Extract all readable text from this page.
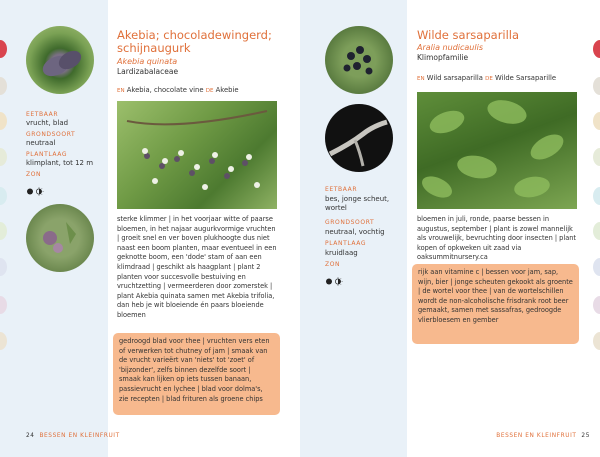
EETBAAR
vrucht, blad
GRONDSOORT
neutraal
PLANTLAAG
klimplant, tot 12 m
ZON
Akebia; chocoladewingerd; schijnaugurk
Akebia quinata
Lardizabalaceae
EN Akebia, chocolate vine DE Akebie
sterke klimmer | in het voorjaar witte of paarse bloemen, in het najaar augurkvormige vruchten | groeit snel en ver boven plukhoogte dus niet naast een boom planten, maar eventueel in een geknotte boom, een 'dode' stam of aan een klimdraad | geschikt als haagplant | plant 2 planten voor succesvolle bestuiving en vruchtzetting | vermeerderen door zomerstek | plant Akebia quinata samen met Akebia trifolia, dan heb je wit bloeiende én paars bloeiende bloemen
gedroogd blad voor thee | vruchten vers eten of verwerken tot chutney of jam | smaak van de vrucht varieërt van 'niets' tot 'zoet' of 'bijzonder', zelfs binnen dezelfde soort | smaak kan lijken op iets tussen banaan, passievrucht en lychee | blad voor dolma's, zie recepten | blad frituren als groene chips
24 BESSEN EN KLEINFRUIT
EETBAAR
bes, jonge scheut, wortel
GRONDSOORT
neutraal, vochtig
PLANTLAAG
kruidlaag
ZON
Wilde sarsaparilla
Aralia nudicaulis
Klimopfamilie
EN Wild sarsaparilla DE Wilde Sarsaparille
bloemen in juli, ronde, paarse bessen in augustus, september | plant is zowel mannelijk als vrouwelijk, bevruchting door insecten | plant kopen of opkweken uit zaad via oaksummitnursery.ca
rijk aan vitamine c | bessen voor jam, sap, wijn, bier | jonge scheuten gekookt als groente | de wortel voor thee | van de wortelschillen wordt de non-alcoholische frisdrank root beer gemaakt, samen met sassafras, gedroogde vlierbloesem en gember
BESSEN EN KLEINFRUIT 25
